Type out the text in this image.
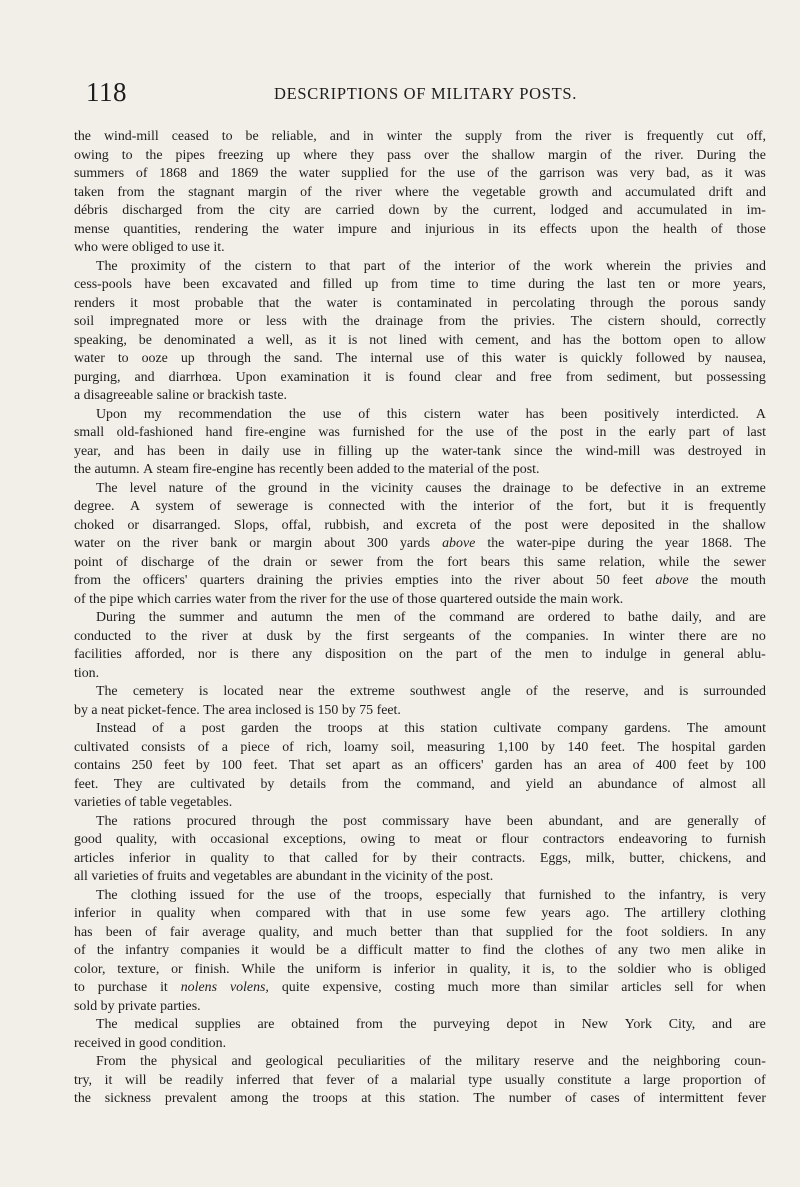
118	DESCRIPTIONS OF MILITARY POSTS.
the wind-mill ceased to be reliable, and in winter the supply from the river is frequently cut off,
owing to the pipes freezing up where they pass over the shallow margin of the river. During the
summers of 1868 and 1869 the water supplied for the use of the garrison was very bad, as it was
taken from the stagnant margin of the river where the vegetable growth and accumulated drift and
débris discharged from the city are carried down by the current, lodged and accumulated in im-
mense quantities, rendering the water impure and injurious in its effects upon the health of those
who were obliged to use it.
The proximity of the cistern to that part of the interior of the work wherein the privies and
cess-pools have been excavated and filled up from time to time during the last ten or more years,
renders it most probable that the water is contaminated in percolating through the porous sandy
soil impregnated more or less with the drainage from the privies. The cistern should, correctly
speaking, be denominated a well, as it is not lined with cement, and has the bottom open to allow
water to ooze up through the sand. The internal use of this water is quickly followed by nausea,
purging, and diarrhœa. Upon examination it is found clear and free from sediment, but possessing
a disagreeable saline or brackish taste.
Upon my recommendation the use of this cistern water has been positively interdicted. A
small old-fashioned hand fire-engine was furnished for the use of the post in the early part of last
year, and has been in daily use in filling up the water-tank since the wind-mill was destroyed in
the autumn. A steam fire-engine has recently been added to the material of the post.
The level nature of the ground in the vicinity causes the drainage to be defective in an extreme
degree. A system of sewerage is connected with the interior of the fort, but it is frequently
choked or disarranged. Slops, offal, rubbish, and excreta of the post were deposited in the shallow
water on the river bank or margin about 300 yards above the water-pipe during the year 1868. The
point of discharge of the drain or sewer from the fort bears this same relation, while the sewer
from the officers' quarters draining the privies empties into the river about 50 feet above the mouth
of the pipe which carries water from the river for the use of those quartered outside the main work.
During the summer and autumn the men of the command are ordered to bathe daily, and are
conducted to the river at dusk by the first sergeants of the companies. In winter there are no
facilities afforded, nor is there any disposition on the part of the men to indulge in general ablu-
tion.
The cemetery is located near the extreme southwest angle of the reserve, and is surrounded
by a neat picket-fence. The area inclosed is 150 by 75 feet.
Instead of a post garden the troops at this station cultivate company gardens. The amount
cultivated consists of a piece of rich, loamy soil, measuring 1,100 by 140 feet. The hospital garden
contains 250 feet by 100 feet. That set apart as an officers' garden has an area of 400 feet by 100
feet. They are cultivated by details from the command, and yield an abundance of almost all
varieties of table vegetables.
The rations procured through the post commissary have been abundant, and are generally of
good quality, with occasional exceptions, owing to meat or flour contractors endeavoring to furnish
articles inferior in quality to that called for by their contracts. Eggs, milk, butter, chickens, and
all varieties of fruits and vegetables are abundant in the vicinity of the post.
The clothing issued for the use of the troops, especially that furnished to the infantry, is very
inferior in quality when compared with that in use some few years ago. The artillery clothing
has been of fair average quality, and much better than that supplied for the foot soldiers. In any
of the infantry companies it would be a difficult matter to find the clothes of any two men alike in
color, texture, or finish. While the uniform is inferior in quality, it is, to the soldier who is obliged
to purchase it nolens volens, quite expensive, costing much more than similar articles sell for when
sold by private parties.
The medical supplies are obtained from the purveying depot in New York City, and are
received in good condition.
From the physical and geological peculiarities of the military reserve and the neighboring coun-
try, it will be readily inferred that fever of a malarial type usually constitute a large proportion of
the sickness prevalent among the troops at this station. The number of cases of intermittent fever
